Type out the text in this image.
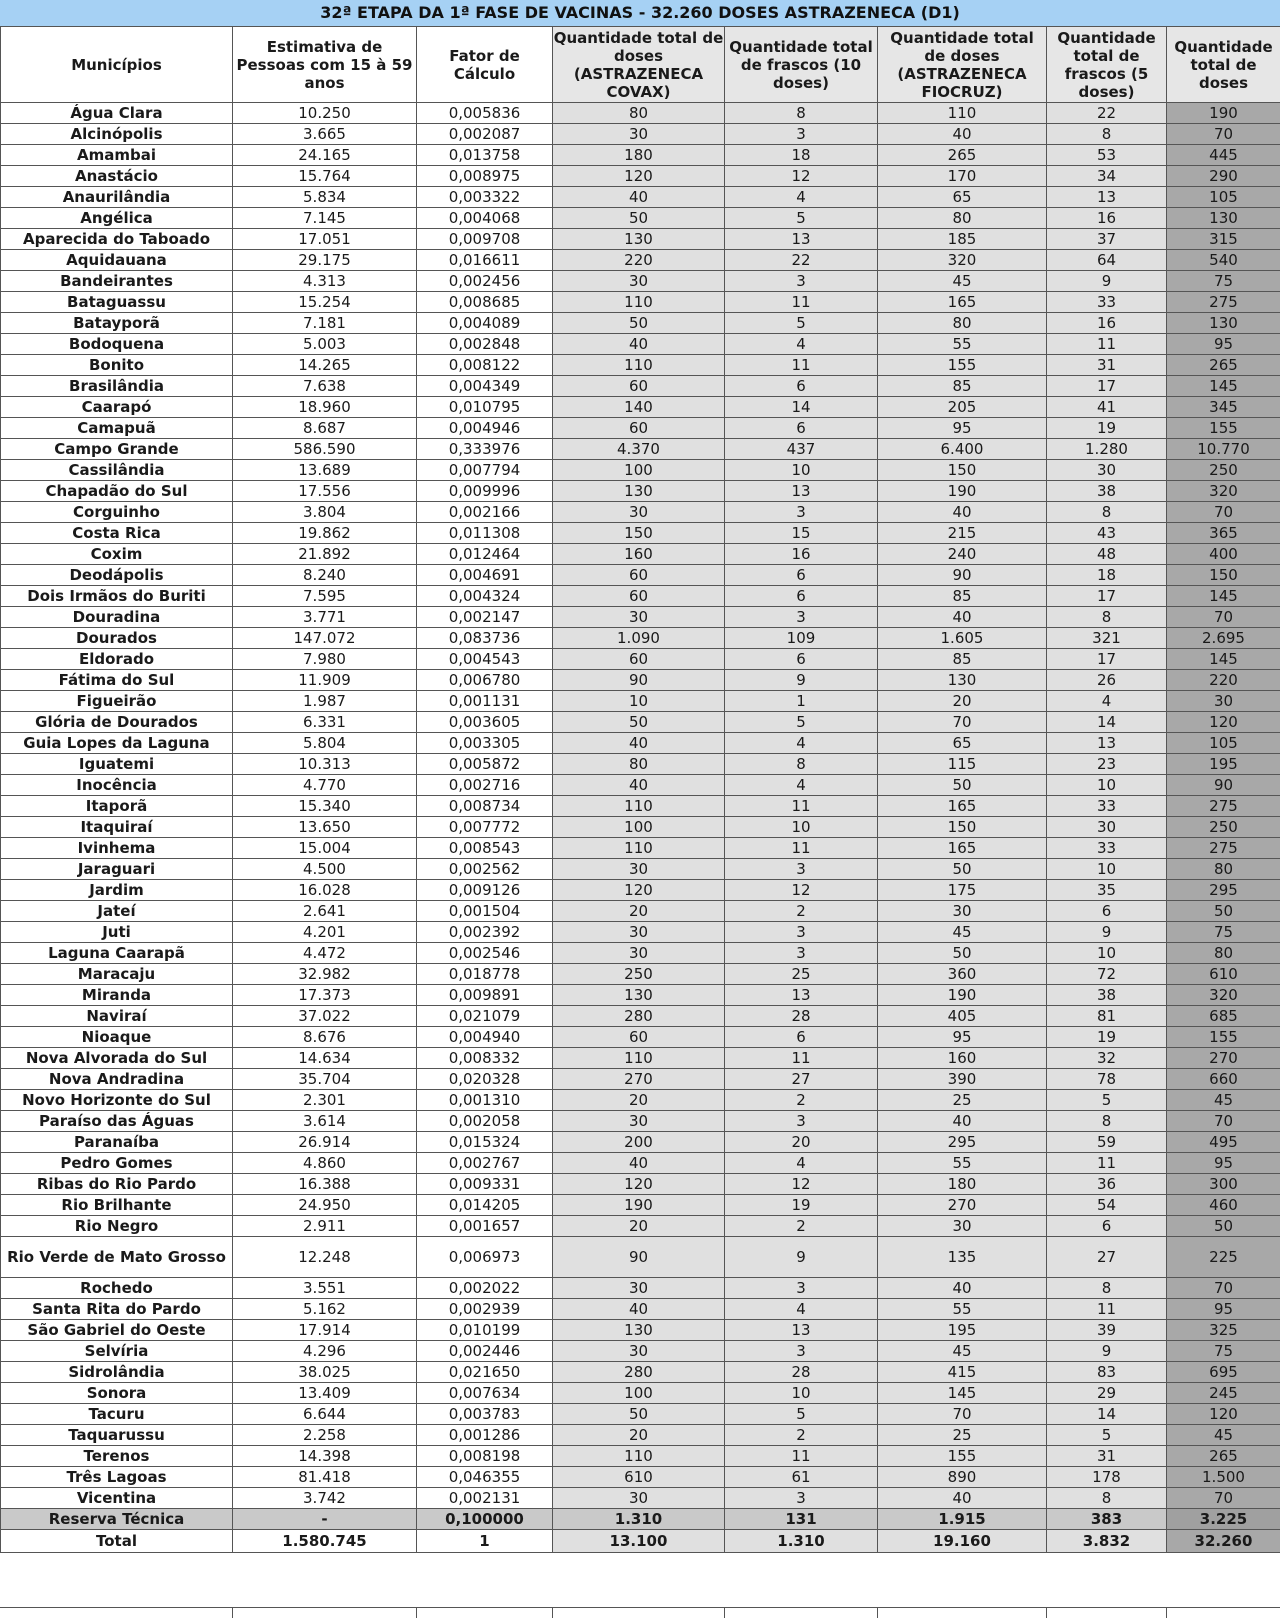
32ª ETAPA DA 1ª FASE DE VACINAS - 32.260 DOSES ASTRAZENECA (D1)
Municípios	Estimativa de Pessoas com 15 à 59 anos	Fator de Cálculo	Quantidade total de doses (ASTRAZENECA COVAX)	Quantidade total de frascos (10 doses)	Quantidade total de doses (ASTRAZENECA FIOCRUZ)	Quantidade total de frascos (5 doses)	Quantidade total de doses
Água Clara	10.250	0,005836	80	8	110	22	190
Alcinópolis	3.665	0,002087	30	3	40	8	70
Amambai	24.165	0,013758	180	18	265	53	445
Anastácio	15.764	0,008975	120	12	170	34	290
Anaurilândia	5.834	0,003322	40	4	65	13	105
Angélica	7.145	0,004068	50	5	80	16	130
Aparecida do Taboado	17.051	0,009708	130	13	185	37	315
Aquidauana	29.175	0,016611	220	22	320	64	540
Bandeirantes	4.313	0,002456	30	3	45	9	75
Bataguassu	15.254	0,008685	110	11	165	33	275
Batayporã	7.181	0,004089	50	5	80	16	130
Bodoquena	5.003	0,002848	40	4	55	11	95
Bonito	14.265	0,008122	110	11	155	31	265
Brasilândia	7.638	0,004349	60	6	85	17	145
Caarapó	18.960	0,010795	140	14	205	41	345
Camapuã	8.687	0,004946	60	6	95	19	155
Campo Grande	586.590	0,333976	4.370	437	6.400	1.280	10.770
Cassilândia	13.689	0,007794	100	10	150	30	250
Chapadão do Sul	17.556	0,009996	130	13	190	38	320
Corguinho	3.804	0,002166	30	3	40	8	70
Costa Rica	19.862	0,011308	150	15	215	43	365
Coxim	21.892	0,012464	160	16	240	48	400
Deodápolis	8.240	0,004691	60	6	90	18	150
Dois Irmãos do Buriti	7.595	0,004324	60	6	85	17	145
Douradina	3.771	0,002147	30	3	40	8	70
Dourados	147.072	0,083736	1.090	109	1.605	321	2.695
Eldorado	7.980	0,004543	60	6	85	17	145
Fátima do Sul	11.909	0,006780	90	9	130	26	220
Figueirão	1.987	0,001131	10	1	20	4	30
Glória de Dourados	6.331	0,003605	50	5	70	14	120
Guia Lopes da Laguna	5.804	0,003305	40	4	65	13	105
Iguatemi	10.313	0,005872	80	8	115	23	195
Inocência	4.770	0,002716	40	4	50	10	90
Itaporã	15.340	0,008734	110	11	165	33	275
Itaquiraí	13.650	0,007772	100	10	150	30	250
Ivinhema	15.004	0,008543	110	11	165	33	275
Jaraguari	4.500	0,002562	30	3	50	10	80
Jardim	16.028	0,009126	120	12	175	35	295
Jateí	2.641	0,001504	20	2	30	6	50
Juti	4.201	0,002392	30	3	45	9	75
Laguna Caarapã	4.472	0,002546	30	3	50	10	80
Maracaju	32.982	0,018778	250	25	360	72	610
Miranda	17.373	0,009891	130	13	190	38	320
Naviraí	37.022	0,021079	280	28	405	81	685
Nioaque	8.676	0,004940	60	6	95	19	155
Nova Alvorada do Sul	14.634	0,008332	110	11	160	32	270
Nova Andradina	35.704	0,020328	270	27	390	78	660
Novo Horizonte do Sul	2.301	0,001310	20	2	25	5	45
Paraíso das Águas	3.614	0,002058	30	3	40	8	70
Paranaíba	26.914	0,015324	200	20	295	59	495
Pedro Gomes	4.860	0,002767	40	4	55	11	95
Ribas do Rio Pardo	16.388	0,009331	120	12	180	36	300
Rio Brilhante	24.950	0,014205	190	19	270	54	460
Rio Negro	2.911	0,001657	20	2	30	6	50
Rio Verde de Mato Grosso	12.248	0,006973	90	9	135	27	225
Rochedo	3.551	0,002022	30	3	40	8	70
Santa Rita do Pardo	5.162	0,002939	40	4	55	11	95
São Gabriel do Oeste	17.914	0,010199	130	13	195	39	325
Selvíria	4.296	0,002446	30	3	45	9	75
Sidrolândia	38.025	0,021650	280	28	415	83	695
Sonora	13.409	0,007634	100	10	145	29	245
Tacuru	6.644	0,003783	50	5	70	14	120
Taquarussu	2.258	0,001286	20	2	25	5	45
Terenos	14.398	0,008198	110	11	155	31	265
Três Lagoas	81.418	0,046355	610	61	890	178	1.500
Vicentina	3.742	0,002131	30	3	40	8	70
Reserva Técnica	-	0,100000	1.310	131	1.915	383	3.225
Total	1.580.745	1	13.100	1.310	19.160	3.832	32.260
